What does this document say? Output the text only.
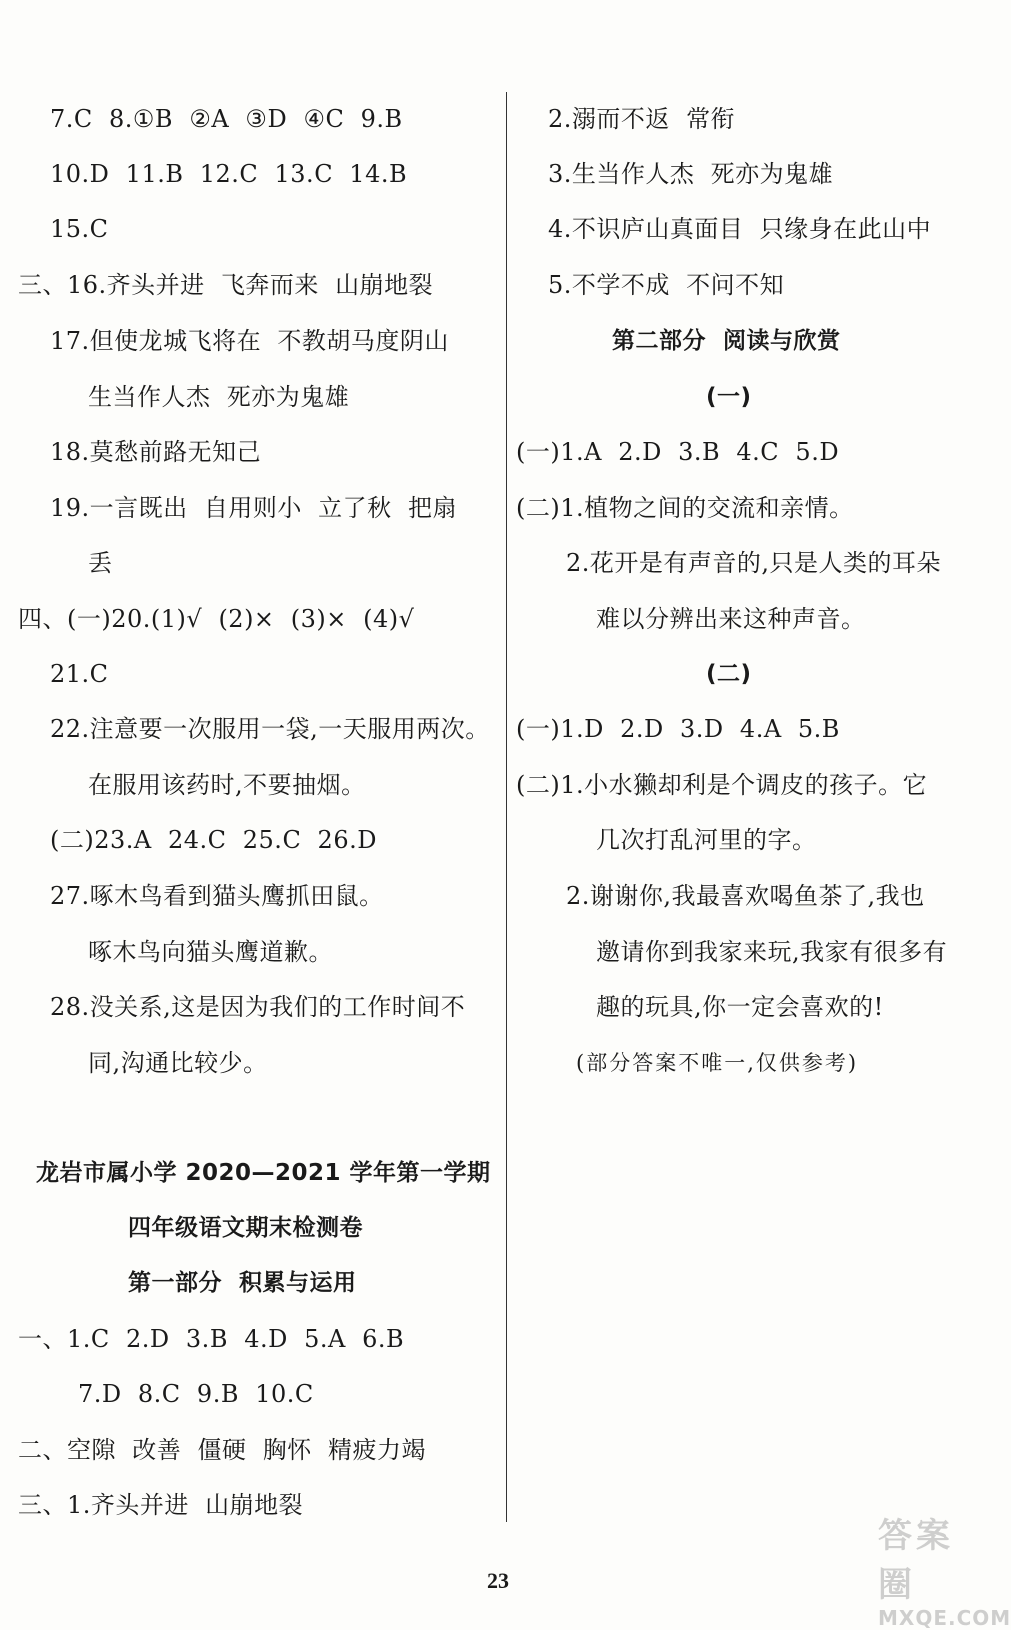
7.C  8.①B  ②A  ③D  ④C  9.B
10.D  11.B  12.C  13.C  14.B
15.C
三、16.齐头并进  飞奔而来  山崩地裂
17.但使龙城飞将在  不教胡马度阴山
生当作人杰  死亦为鬼雄
18.莫愁前路无知己
19.一言既出  自用则小  立了秋  把扇
丢
四、(一)20.(1)√  (2)×  (3)×  (4)√
21.C
22.注意要一次服用一袋,一天服用两次。
在服用该药时,不要抽烟。
(二)23.A  24.C  25.C  26.D
27.啄木鸟看到猫头鹰抓田鼠。
啄木鸟向猫头鹰道歉。
28.没关系,这是因为我们的工作时间不
同,沟通比较少。
龙岩市属小学 2020—2021 学年第一学期
四年级语文期末检测卷
第一部分  积累与运用
一、1.C  2.D  3.B  4.D  5.A  6.B
7.D  8.C  9.B  10.C
二、空隙  改善  僵硬  胸怀  精疲力竭
三、1.齐头并进  山崩地裂
2.溺而不返  常衔
3.生当作人杰  死亦为鬼雄
4.不识庐山真面目  只缘身在此山中
5.不学不成  不问不知
第二部分  阅读与欣赏
(一)
(一)1.A  2.D  3.B  4.C  5.D
(二)1.植物之间的交流和亲情。
2.花开是有声音的,只是人类的耳朵
难以分辨出来这种声音。
(二)
(一)1.D  2.D  3.D  4.A  5.B
(二)1.小水獭却利是个调皮的孩子。它
几次打乱河里的字。
2.谢谢你,我最喜欢喝鱼茶了,我也
邀请你到我家来玩,我家有很多有
趣的玩具,你一定会喜欢的!
(部分答案不唯一,仅供参考)
23
答案圈
MXQE.COM
